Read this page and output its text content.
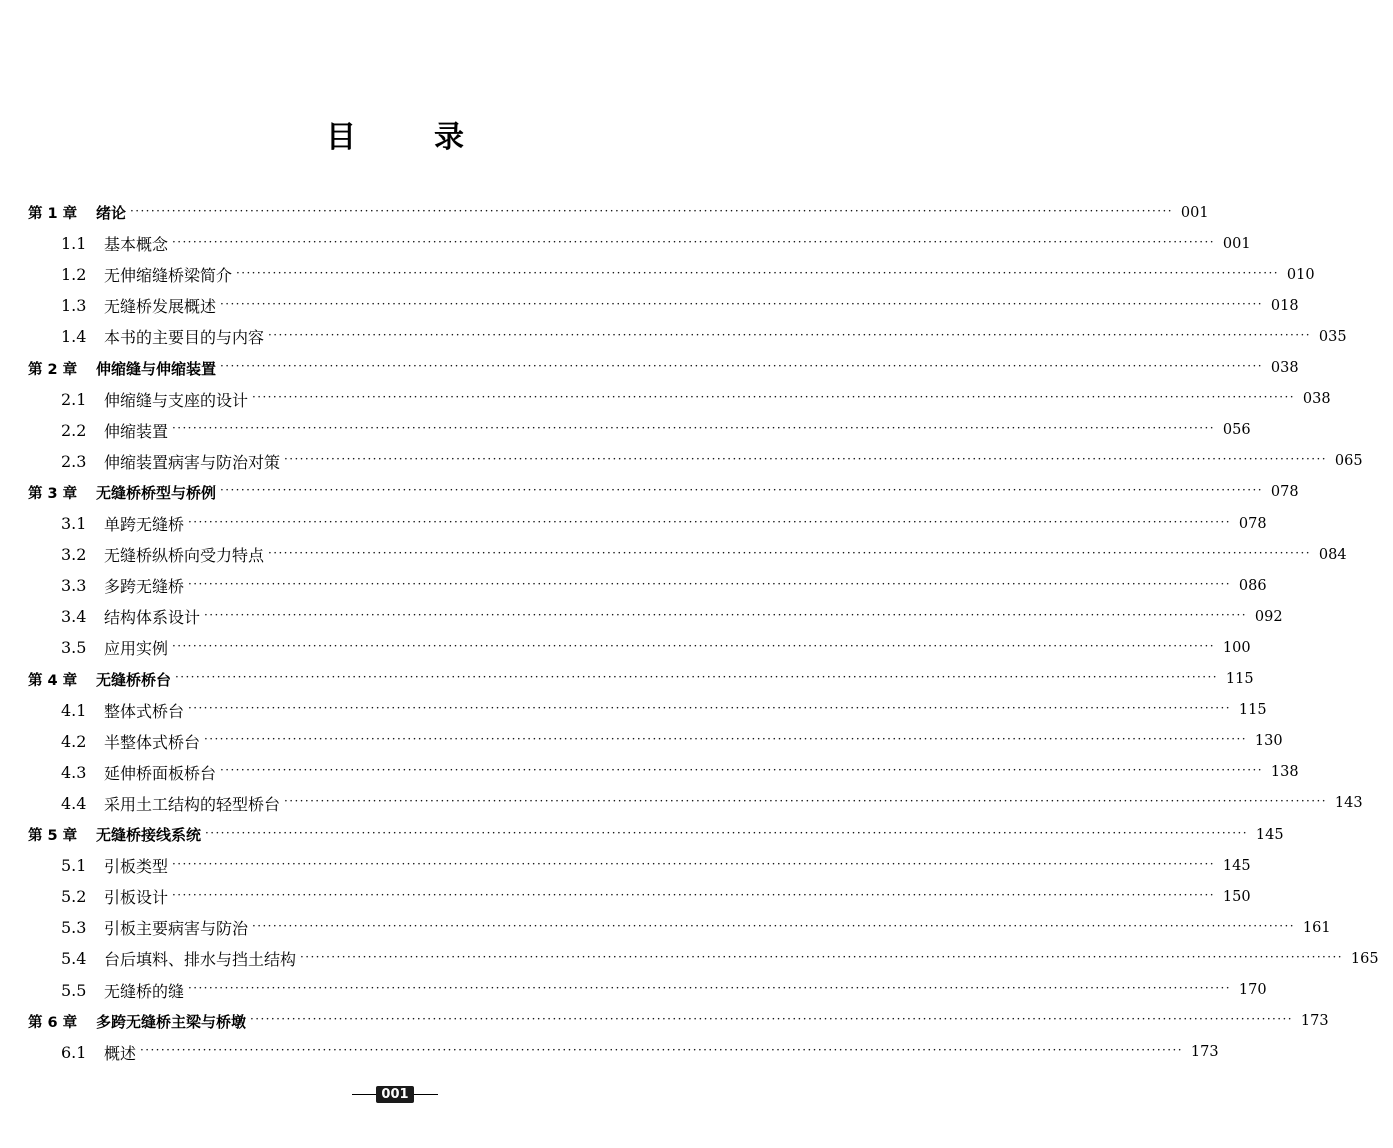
目	录
第 1 章	绪论 ········································································································································································································ 001
1.1	基本概念 ········································································································································································································ 001
1.2	无伸缩缝桥梁简介 ········································································································································································································ 010
1.3	无缝桥发展概述 ········································································································································································································ 018
1.4	本书的主要目的与内容 ········································································································································································································ 035
第 2 章	伸缩缝与伸缩装置 ········································································································································································································ 038
2.1	伸缩缝与支座的设计 ········································································································································································································ 038
2.2	伸缩装置 ········································································································································································································ 056
2.3	伸缩装置病害与防治对策 ········································································································································································································ 065
第 3 章	无缝桥桥型与桥例 ········································································································································································································ 078
3.1	单跨无缝桥 ········································································································································································································ 078
3.2	无缝桥纵桥向受力特点 ········································································································································································································ 084
3.3	多跨无缝桥 ········································································································································································································ 086
3.4	结构体系设计 ········································································································································································································ 092
3.5	应用实例 ········································································································································································································ 100
第 4 章	无缝桥桥台 ········································································································································································································ 115
4.1	整体式桥台 ········································································································································································································ 115
4.2	半整体式桥台 ········································································································································································································ 130
4.3	延伸桥面板桥台 ········································································································································································································ 138
4.4	采用土工结构的轻型桥台 ········································································································································································································ 143
第 5 章	无缝桥接线系统 ········································································································································································································ 145
5.1	引板类型 ········································································································································································································ 145
5.2	引板设计 ········································································································································································································ 150
5.3	引板主要病害与防治 ········································································································································································································ 161
5.4	台后填料、排水与挡土结构 ········································································································································································································ 165
5.5	无缝桥的缝 ········································································································································································································ 170
第 6 章	多跨无缝桥主梁与桥墩 ········································································································································································································ 173
6.1	概述 ········································································································································································································ 173
001
